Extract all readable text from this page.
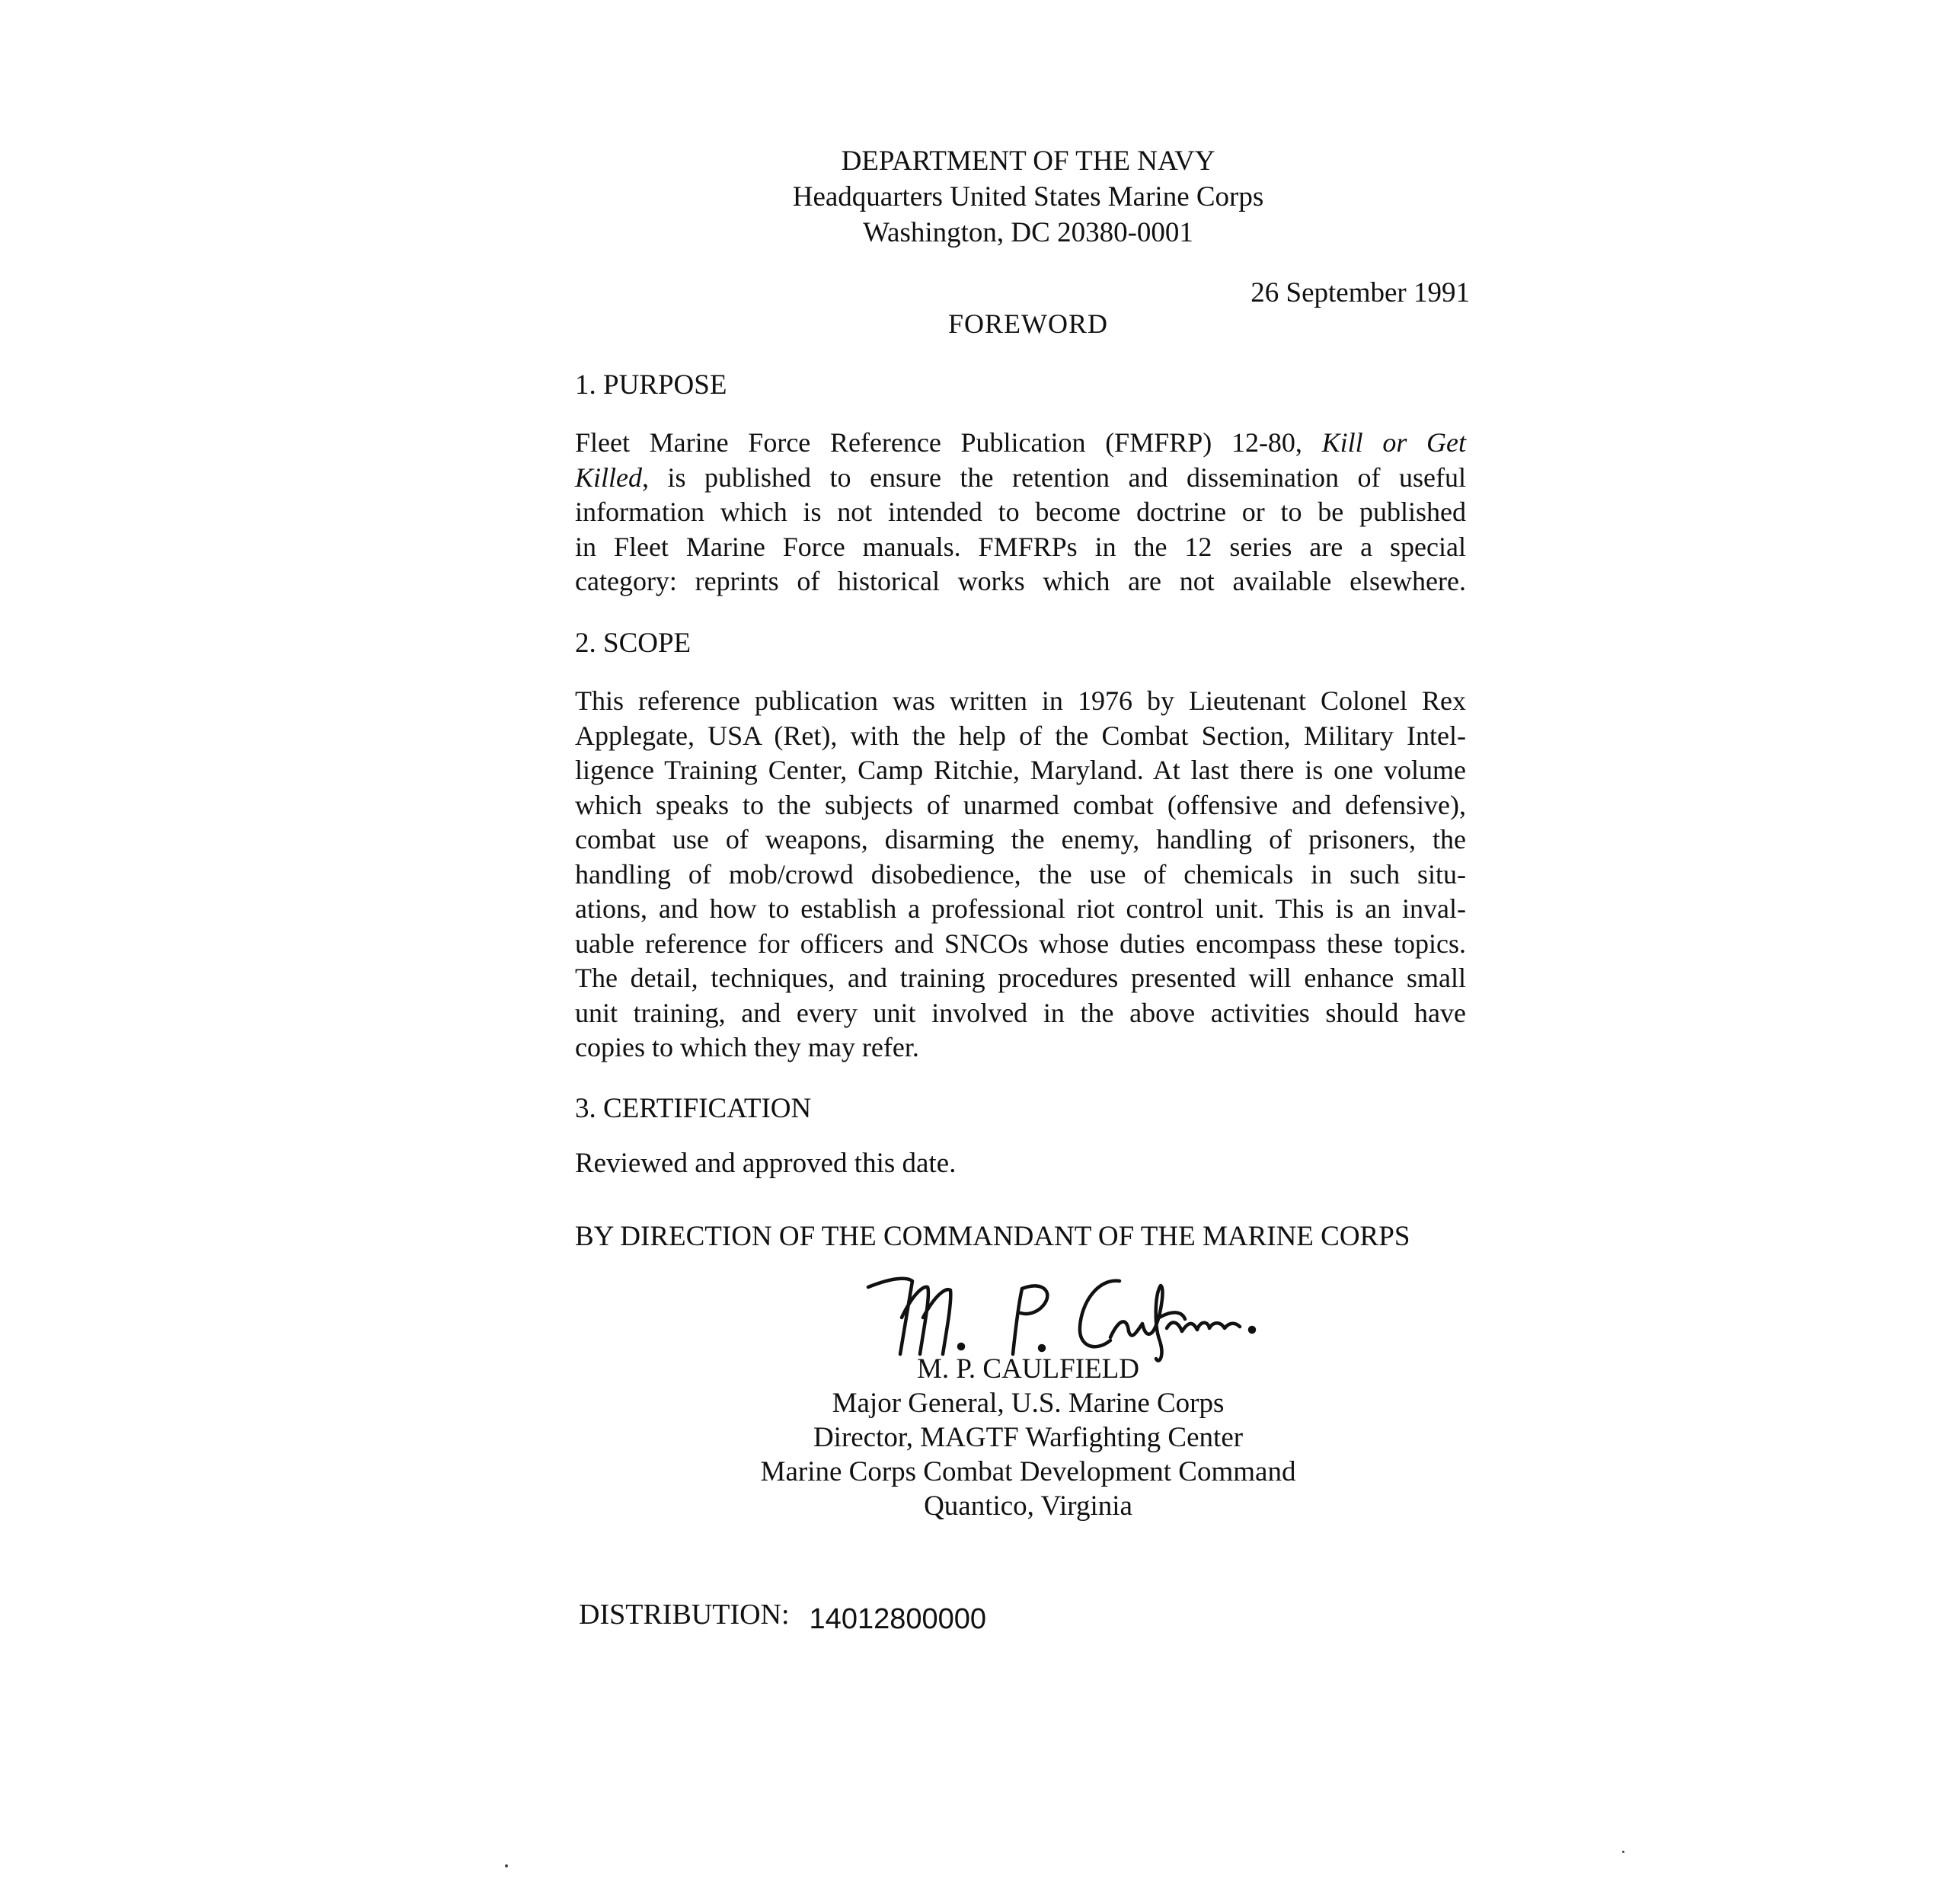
DEPARTMENT OF THE NAVY
Headquarters United States Marine Corps
Washington, DC 20380-0001
26 September 1991
FOREWORD
1. PURPOSE
Fleet Marine Force Reference Publication (FMFRP) 12-80, Kill or Get
Killed, is published to ensure the retention and dissemination of useful
information which is not intended to become doctrine or to be published
in Fleet Marine Force manuals. FMFRPs in the 12 series are a special
category: reprints of historical works which are not available elsewhere.
2. SCOPE
This reference publication was written in 1976 by Lieutenant Colonel Rex
Applegate, USA (Ret), with the help of the Combat Section, Military Intel-
ligence Training Center, Camp Ritchie, Maryland. At last there is one volume
which speaks to the subjects of unarmed combat (offensive and defensive),
combat use of weapons, disarming the enemy, handling of prisoners, the
handling of mob/crowd disobedience, the use of chemicals in such situ-
ations, and how to establish a professional riot control unit. This is an inval-
uable reference for officers and SNCOs whose duties encompass these topics.
The detail, techniques, and training procedures presented will enhance small
unit training, and every unit involved in the above activities should have
copies to which they may refer.
3. CERTIFICATION
Reviewed and approved this date.
BY DIRECTION OF THE COMMANDANT OF THE MARINE CORPS
M. P. CAULFIELD
Major General, U.S. Marine Corps
Director, MAGTF Warfighting Center
Marine Corps Combat Development Command
Quantico, Virginia
DISTRIBUTION: 14012800000
